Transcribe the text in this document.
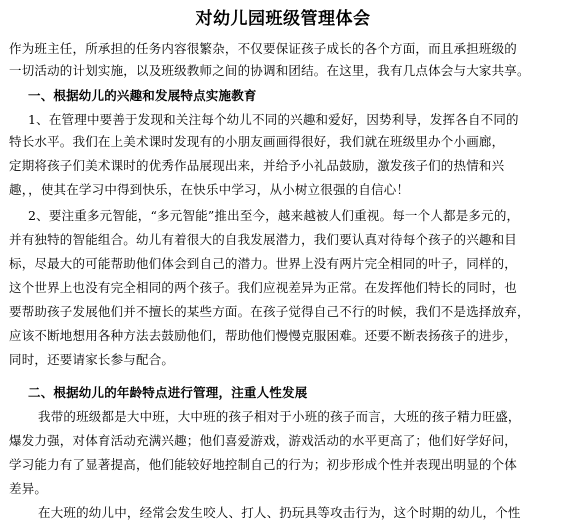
对幼儿园班级管理体会
作为班主任，所承担的任务内容很繁杂，不仅要保证孩子成长的各个方面，而且承担班级的
一切活动的计划实施，以及班级教师之间的协调和团结。在这里，我有几点体会与大家共享。
一、根据幼儿的兴趣和发展特点实施教育
1、在管理中要善于发现和关注每个幼儿不同的兴趣和爱好，因势利导，发挥各自不同的
特长水平。我们在上美术课时发现有的小朋友画画得很好，我们就在班级里办个小画廊，
定期将孩子们美术课时的优秀作品展现出来，并给予小礼品鼓励，激发孩子们的热情和兴
趣，，使其在学习中得到快乐，在快乐中学习，从小树立很强的自信心！
2、要注重多元智能，“多元智能”推出至今，越来越被人们重视。每一个人都是多元的，
并有独特的智能组合。幼儿有着很大的自我发展潜力，我们要认真对待每个孩子的兴趣和目
标，尽最大的可能帮助他们体会到自己的潜力。世界上没有两片完全相同的叶子，同样的，
这个世界上也没有完全相同的两个孩子。我们应视差异为正常。在发挥他们特长的同时，也
要帮助孩子发展他们并不擅长的某些方面。在孩子觉得自己不行的时候，我们不是选择放弃，
应该不断地想用各种方法去鼓励他们，帮助他们慢慢克服困难。还要不断表扬孩子的进步，
同时，还要请家长参与配合。
二、根据幼儿的年龄特点进行管理，注重人性发展
我带的班级都是大中班，大中班的孩子相对于小班的孩子而言，大班的孩子精力旺盛，
爆发力强，对体育活动充满兴趣；他们喜爱游戏，游戏活动的水平更高了；他们好学好问，
学习能力有了显著提高，他们能较好地控制自己的行为；初步形成个性并表现出明显的个体
差异。
在大班的幼儿中，经常会发生咬人、打人、扔玩具等攻击行为，这个时期的幼儿，个性
